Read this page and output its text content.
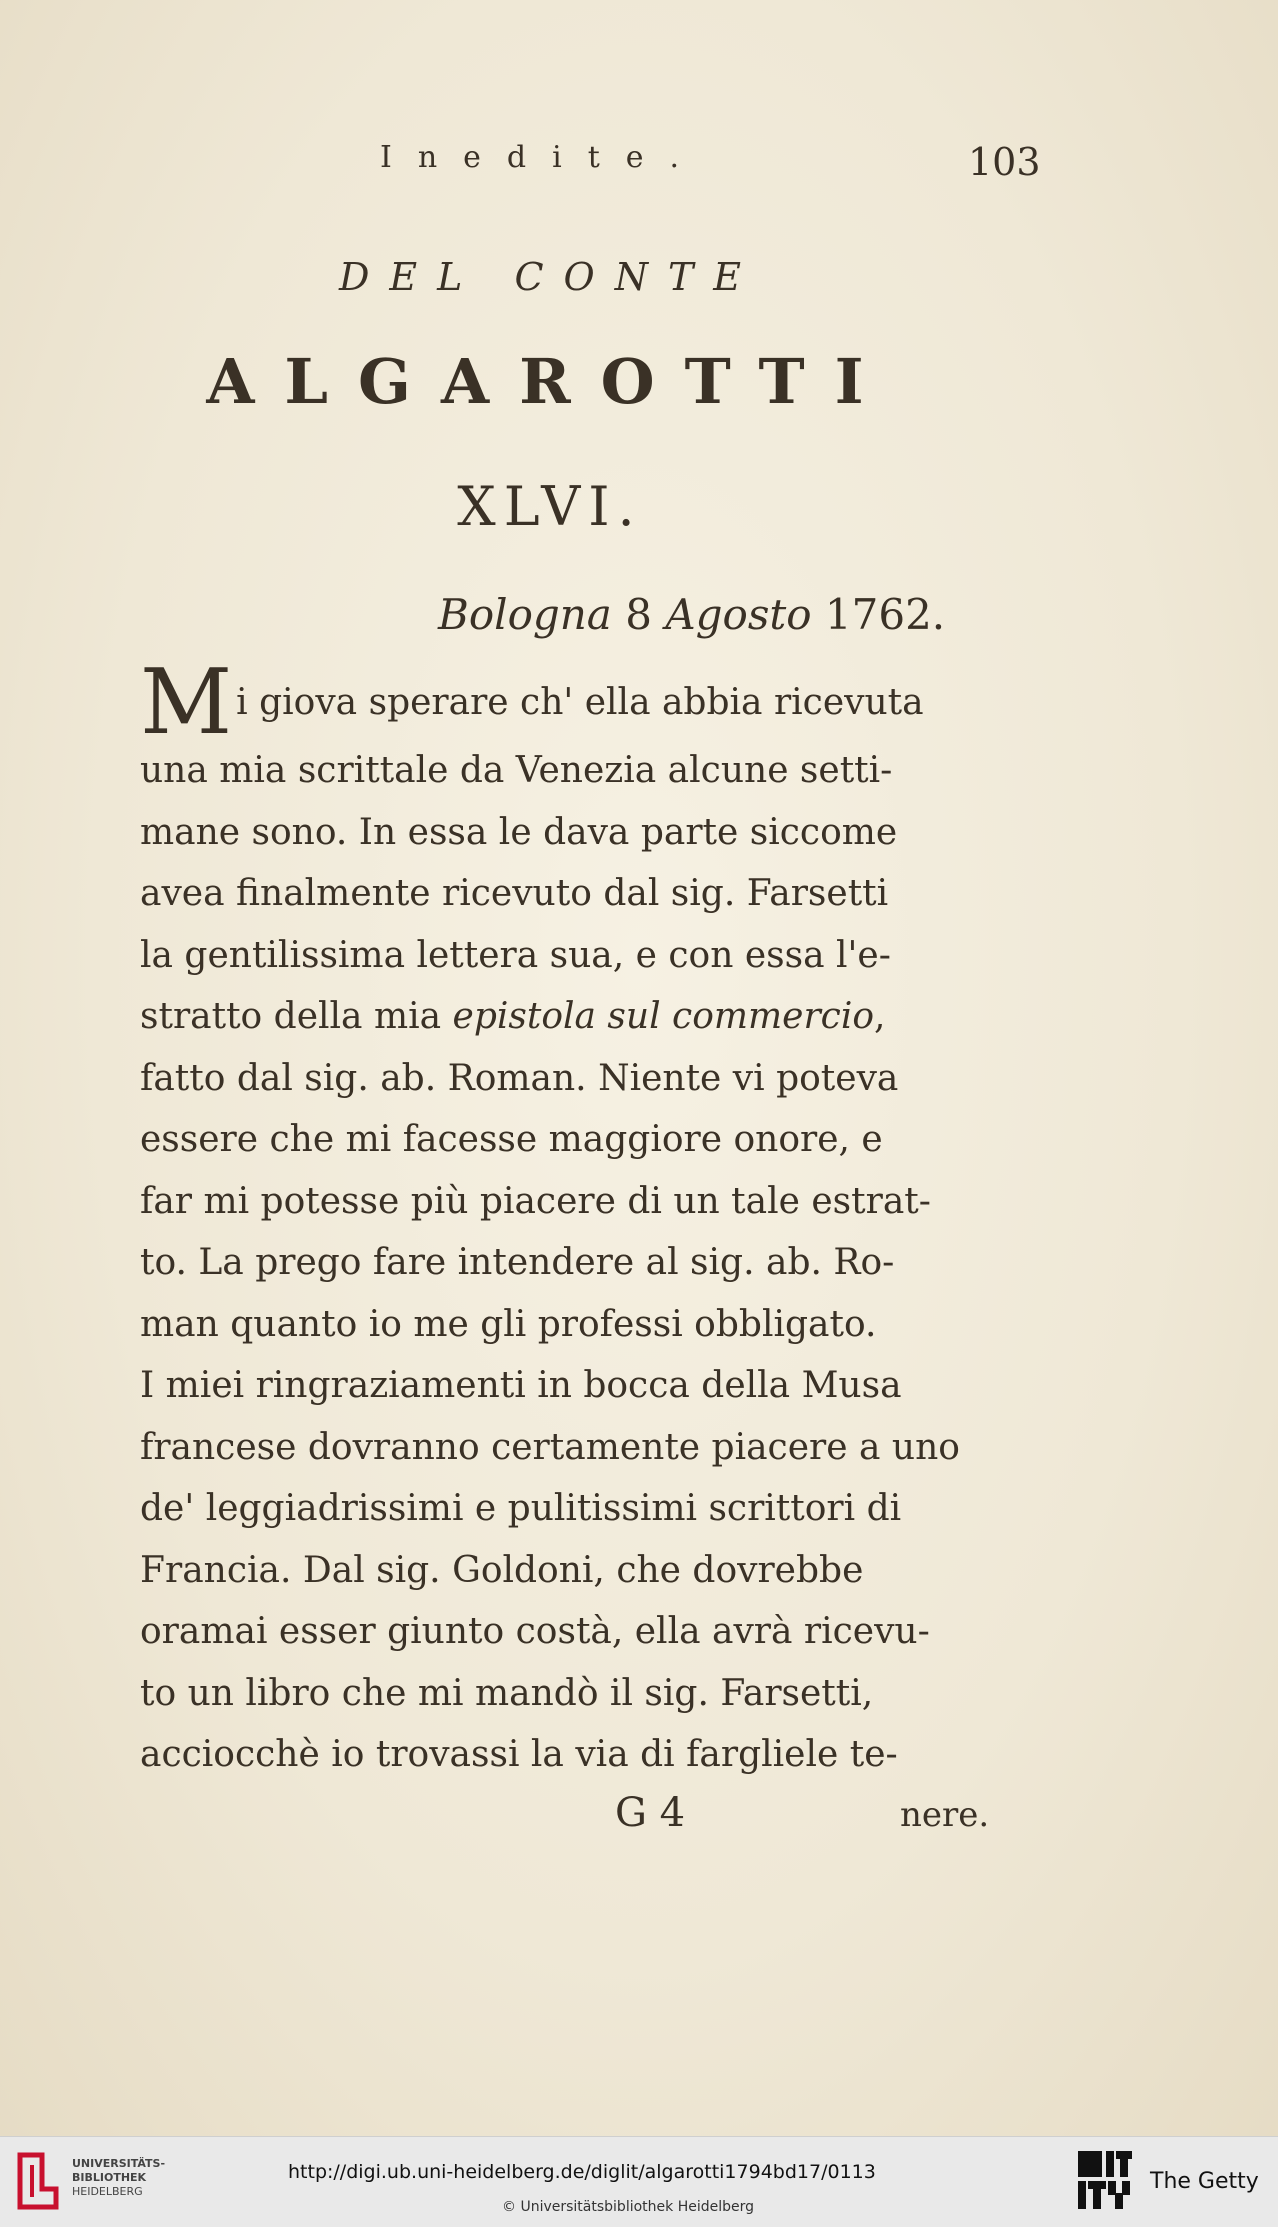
Inedite.	103
DEL CONTE
ALGAROTTI
XLVI.
Bologna 8 Agosto 1762.
M i giova sperare ch' ella abbia ricevuta
una mia scrittale da Venezia alcune setti-
mane sono. In essa le dava parte siccome
avea finalmente ricevuto dal sig. Farsetti
la gentilissima lettera sua, e con essa l'e-
stratto della mia epistola sul commercio,
fatto dal sig. ab. Roman. Niente vi poteva
essere che mi facesse maggiore onore, e
far mi potesse più piacere di un tale estrat-
to. La prego fare intendere al sig. ab. Ro-
man quanto io me gli professi obbligato.
I miei ringraziamenti in bocca della Musa
francese dovranno certamente piacere a uno
de' leggiadrissimi e pulitissimi scrittori di
Francia. Dal sig. Goldoni, che dovrebbe
oramai esser giunto costà, ella avrà ricevu-
to un libro che mi mandò il sig. Farsetti,
acciocchè io trovassi la via di fargliele te-
G 4	nere.
UNIVERSITÄTS-
BIBLIOTHEK
HEIDELBERG
http://digi.ub.uni-heidelberg.de/diglit/algarotti1794bd17/0113
© Universitätsbibliothek Heidelberg
The Getty
